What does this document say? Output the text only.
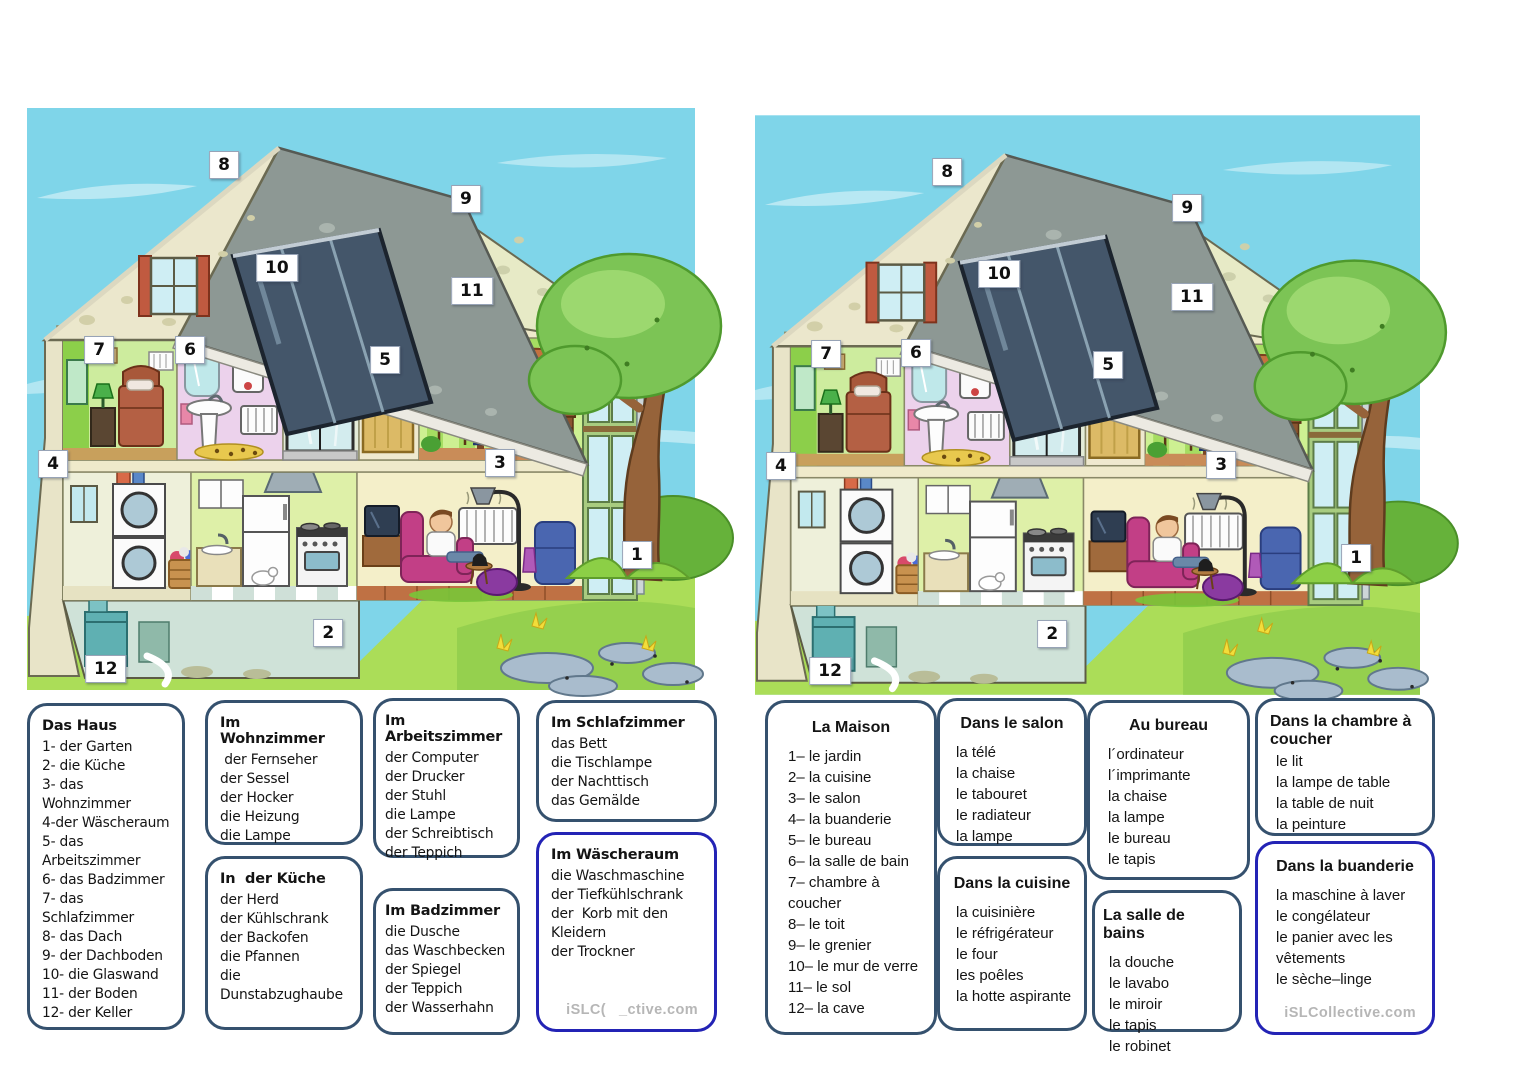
1
2
3
4
5
6
7
8
9
10
11
12
1
2
3
4
5
6
7
8
9
10
11
12
Das Haus
1- der Garten
2- die Küche
3- das Wohnzimmer
4-der Wäscheraum
5- das Arbeitszimmer
6- das Badzimmer
7- das Schlafzimmer
8- das Dach
9- der Dachboden
10- die Glaswand
11- der Boden
12- der Keller
Im Wohnzimmer
der Fernseher
der Sessel
der Hocker
die Heizung
die Lampe
In  der Küche
der Herd
der Kühlschrank
der Backofen
die Pfannen
die Dunstabzughaube
Im  Arbeitszimmer
der Computer
der Drucker
der Stuhl
die Lampe
der Schreibtisch
der Teppich
Im Badzimmer
die Dusche
das Waschbecken
der Spiegel
der Teppich
der Wasserhahn
Im Schlafzimmer
das Bett
die Tischlampe
der Nachttisch
das Gemälde
Im Wäscheraum
die Waschmaschine
der Tiefkühlschrank
der  Korb mit den Kleidern
der Trockner
iSLC( _ctive.com
La Maison
1– le jardin
2– la cuisine
3– le salon
4– la buanderie
5– le bureau
6– la salle de bain
7– chambre à coucher
8– le toit
9– le grenier
10– le mur de verre
11– le sol
12– la cave
Dans le salon
la télé
la chaise
le tabouret
le radiateur
la lampe
Dans la cuisine
la cuisinière
le réfrigérateur
le four
les poêles
la hotte aspirante
Au bureau
l´ordinateur
l´imprimante
la chaise
la lampe
le bureau
le tapis
La salle de bains
la douche
le lavabo
le miroir
le tapis
le robinet
Dans la chambre à coucher
le lit
la lampe de table
la table de nuit
la peinture
Dans la buanderie
la maschine à laver
le congélateur
le panier avec les vêtements
le sèche–linge
iSLCollective.com
